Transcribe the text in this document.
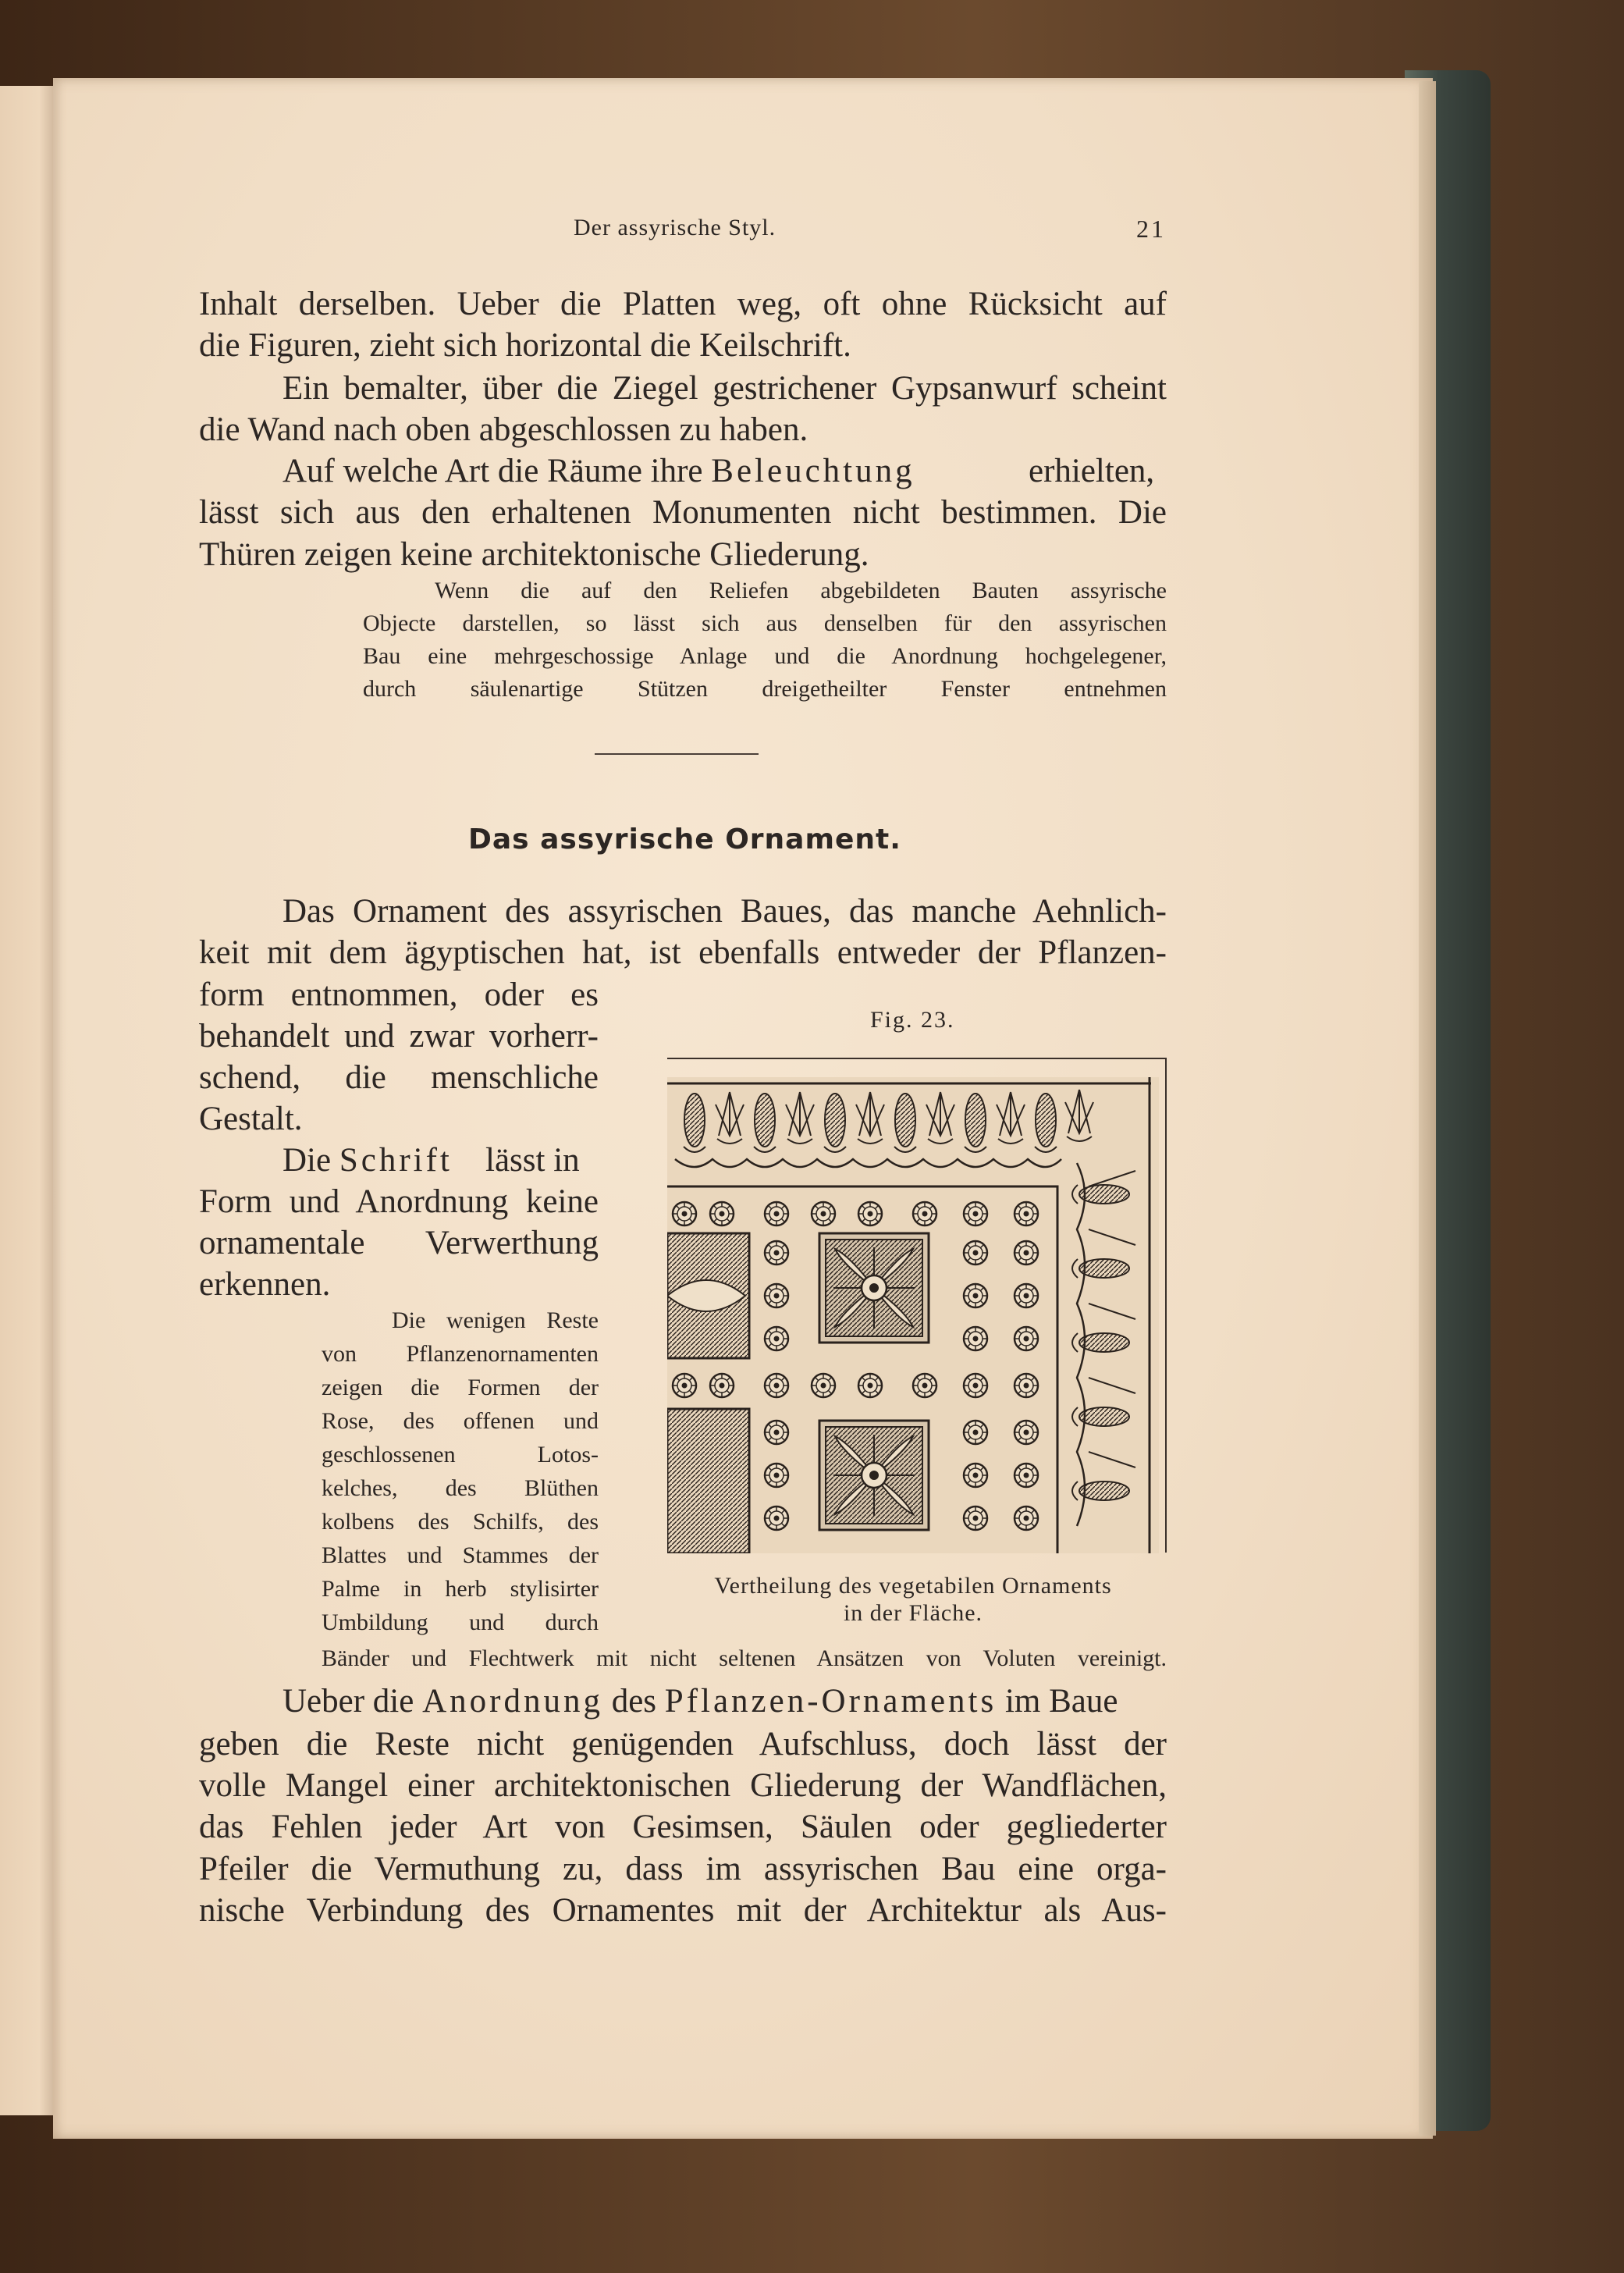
Der assyrische Styl.	21
Inhalt derselben. Ueber die Platten weg, oft ohne Rücksicht auf
die Figuren, zieht sich horizontal die Keilschrift.
Ein bemalter, über die Ziegel gestrichener Gypsanwurf scheint
die Wand nach oben abgeschlossen zu haben.
Auf welche Art die Räume ihre Beleuchtung	erhielten,
lässt sich aus den erhaltenen Monumenten nicht bestimmen. Die
Thüren zeigen keine architektonische Gliederung.
Wenn die auf den Reliefen abgebildeten Bauten assyrische
Objecte darstellen, so lässt sich aus denselben für den assyrischen
Bau eine mehrgeschossige Anlage und die Anordnung hochgelegener,
durch säulenartige Stützen dreigetheilter Fenster entnehmen
Das assyrische Ornament.
Das Ornament des assyrischen Baues, das manche Aehnlich-
keit mit dem ägyptischen hat, ist ebenfalls entweder der Pflanzen-
form entnommen, oder es
behandelt und zwar vorherr-
schend, die menschliche
Gestalt.
Die Schrift lässt in
Form und Anordnung keine
ornamentale Verwerthung
erkennen.
Die wenigen Reste
von Pflanzenornamenten
zeigen die Formen der
Rose, des offenen und
geschlossenen Lotos-
kelches, des Blüthen
kolbens des Schilfs, des
Blattes und Stammes der
Palme in herb stylisirter
Umbildung und durch
Bänder und Flechtwerk mit nicht seltenen Ansätzen von Voluten vereinigt.
Fig. 23.
Vertheilung des vegetabilen Ornaments
in der Fläche.
Ueber die Anordnung des Pflanzen-Ornaments im Baue
geben die Reste nicht genügenden Aufschluss, doch lässt der
volle Mangel einer architektonischen Gliederung der Wandflächen,
das Fehlen jeder Art von Gesimsen, Säulen oder gegliederter
Pfeiler die Vermuthung zu, dass im assyrischen Bau eine orga-
nische Verbindung des Ornamentes mit der Architektur als Aus-
